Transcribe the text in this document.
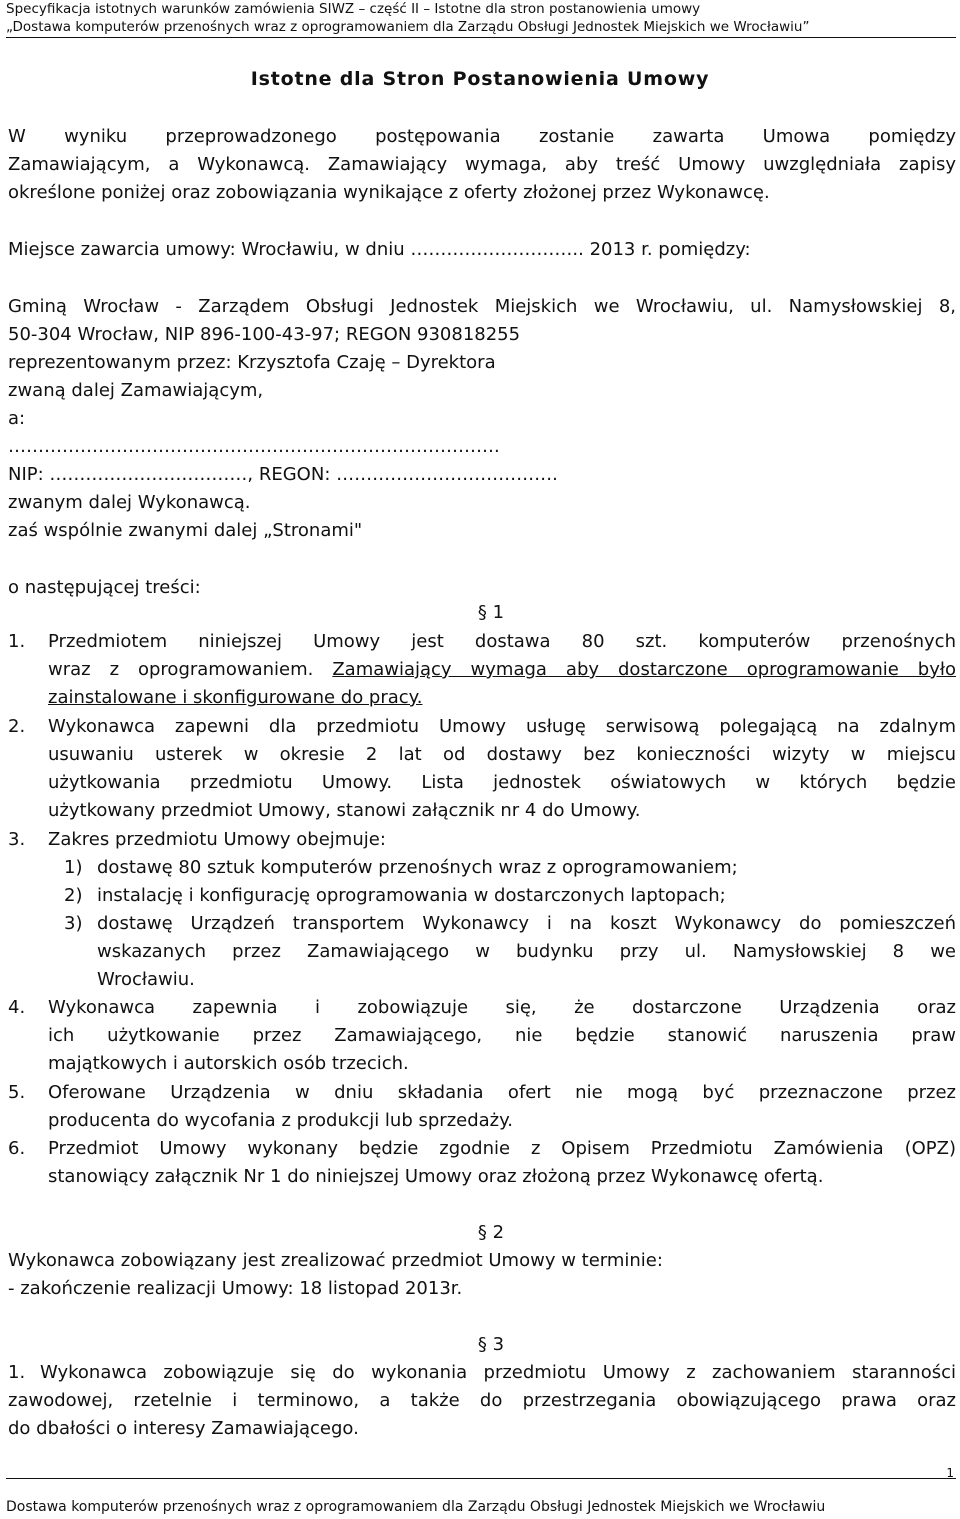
Specyfikacja istotnych warunków zamówienia SIWZ – część II – Istotne dla stron postanowienia umowy
„Dostawa komputerów przenośnych wraz z oprogramowaniem dla Zarządu Obsługi Jednostek Miejskich we Wrocławiu”
Istotne dla Stron Postanowienia Umowy
W wyniku przeprowadzonego postępowania zostanie zawarta Umowa pomiędzy
Zamawiającym, a Wykonawcą. Zamawiający wymaga, aby treść Umowy uwzględniała zapisy
określone poniżej oraz zobowiązania wynikające z oferty złożonej przez Wykonawcę.
Miejsce zawarcia umowy: Wrocławiu, w dniu ……………………….. 2013 r. pomiędzy:
Gminą Wrocław - Zarządem Obsługi Jednostek Miejskich we Wrocławiu, ul. Namysłowskiej 8,
50-304 Wrocław, NIP 896-100-43-97; REGON 930818255
reprezentowanym przez: Krzysztofa Czaję – Dyrektora
zwaną dalej Zamawiającym,
a:
……………………………………………………………………….
NIP: ……………………………, REGON: ……………………………….
zwanym dalej Wykonawcą.
zaś wspólnie zwanymi dalej „Stronami"
o następującej treści:
§ 1
1. Przedmiotem niniejszej Umowy jest dostawa 80 szt. komputerów przenośnych
wraz z oprogramowaniem. Zamawiający wymaga aby dostarczone oprogramowanie było
zainstalowane i skonfigurowane do pracy.
2. Wykonawca zapewni dla przedmiotu Umowy usługę serwisową polegającą na zdalnym
usuwaniu usterek w okresie 2 lat od dostawy bez konieczności wizyty w miejscu
użytkowania przedmiotu Umowy. Lista jednostek oświatowych w których będzie
użytkowany przedmiot Umowy, stanowi załącznik nr 4 do Umowy.
3. Zakres przedmiotu Umowy obejmuje:
1) dostawę 80 sztuk komputerów przenośnych wraz z oprogramowaniem;
2) instalację i konfigurację oprogramowania w dostarczonych laptopach;
3) dostawę Urządzeń transportem Wykonawcy i na koszt Wykonawcy do pomieszczeń
wskazanych przez Zamawiającego w budynku przy ul. Namysłowskiej 8 we
Wrocławiu.
4. Wykonawca zapewnia i zobowiązuje się, że dostarczone Urządzenia oraz
ich użytkowanie przez Zamawiającego, nie będzie stanowić naruszenia praw
majątkowych i autorskich osób trzecich.
5. Oferowane Urządzenia w dniu składania ofert nie mogą być przeznaczone przez
producenta do wycofania z produkcji lub sprzedaży.
6. Przedmiot Umowy wykonany będzie zgodnie z Opisem Przedmiotu Zamówienia (OPZ)
stanowiący załącznik Nr 1 do niniejszej Umowy oraz złożoną przez Wykonawcę ofertą.
§ 2
Wykonawca zobowiązany jest zrealizować przedmiot Umowy w terminie:
- zakończenie realizacji Umowy: 18 listopad 2013r.
§ 3
1. Wykonawca zobowiązuje się do wykonania przedmiotu Umowy z zachowaniem staranności
zawodowej, rzetelnie i terminowo, a także do przestrzegania obowiązującego prawa oraz
do dbałości o interesy Zamawiającego.
1
Dostawa komputerów przenośnych wraz z oprogramowaniem dla Zarządu Obsługi Jednostek Miejskich we Wrocławiu
